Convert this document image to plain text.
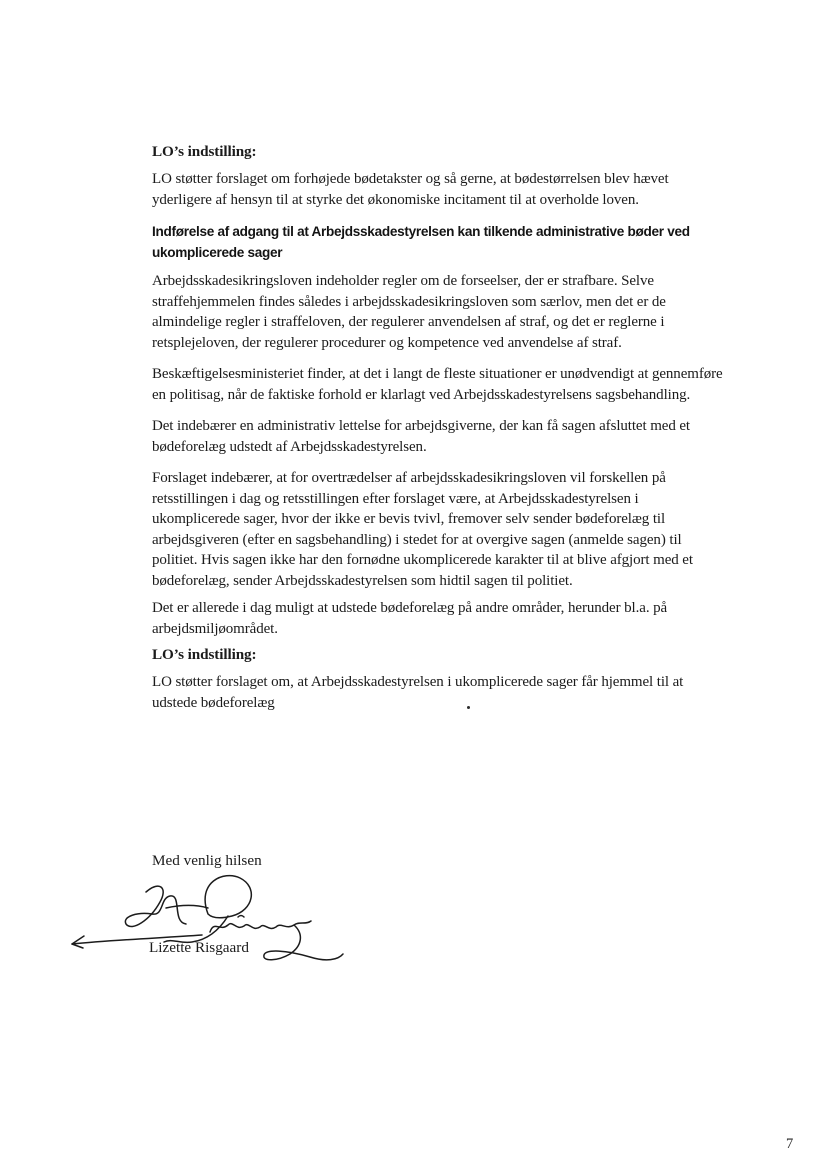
LO’s indstilling:

LO støtter forslaget om forhøjede bødetakster og så gerne, at bødestørrelsen blev hævet yderligere af hensyn til at styrke det økonomiske incitament til at overholde loven.

Indførelse af adgang til at Arbejdsskadestyrelsen kan tilkende administrative bøder ved ukomplicerede sager

Arbejdsskadesikringsloven indeholder regler om de forseelser, der er strafbare. Selve straffehjemmelen findes således i arbejdsskadesikringsloven som særlov, men det er de almindelige regler i straffeloven, der regulerer anvendelsen af straf, og det er reglerne i retsplejeloven, der regulerer procedurer og kompetence ved anvendelse af straf.

Beskæftigelsesministeriet finder, at det i langt de fleste situationer er unødvendigt at gennemføre en politisag, når de faktiske forhold er klarlagt ved Arbejdsskadestyrelsens sagsbehandling.

Det indebærer en administrativ lettelse for arbejdsgiverne, der kan få sagen afsluttet med et bødeforelæg udstedt af Arbejdsskadestyrelsen.

Forslaget indebærer, at for overtrædelser af arbejdsskadesikringsloven vil forskellen på retsstillingen i dag og retsstillingen efter forslaget være, at Arbejdsskadestyrelsen i ukomplicerede sager, hvor der ikke er bevis tvivl, fremover selv sender bødeforelæg til arbejdsgiveren (efter en sagsbehandling) i stedet for at overgive sagen (anmelde sagen) til politiet. Hvis sagen ikke har den fornødne ukomplicerede karakter til at blive afgjort med et bødeforelæg, sender Arbejdsskadestyrelsen som hidtil sagen til politiet.

Det er allerede i dag muligt at udstede bødeforelæg på andre områder, herunder bl.a. på arbejdsmiljøområdet.

LO’s indstilling:

LO støtter forslaget om, at Arbejdsskadestyrelsen i ukomplicerede sager får hjemmel til at udstede bødeforelæg

Med venlig hilsen
Lizette Risgaard
7
